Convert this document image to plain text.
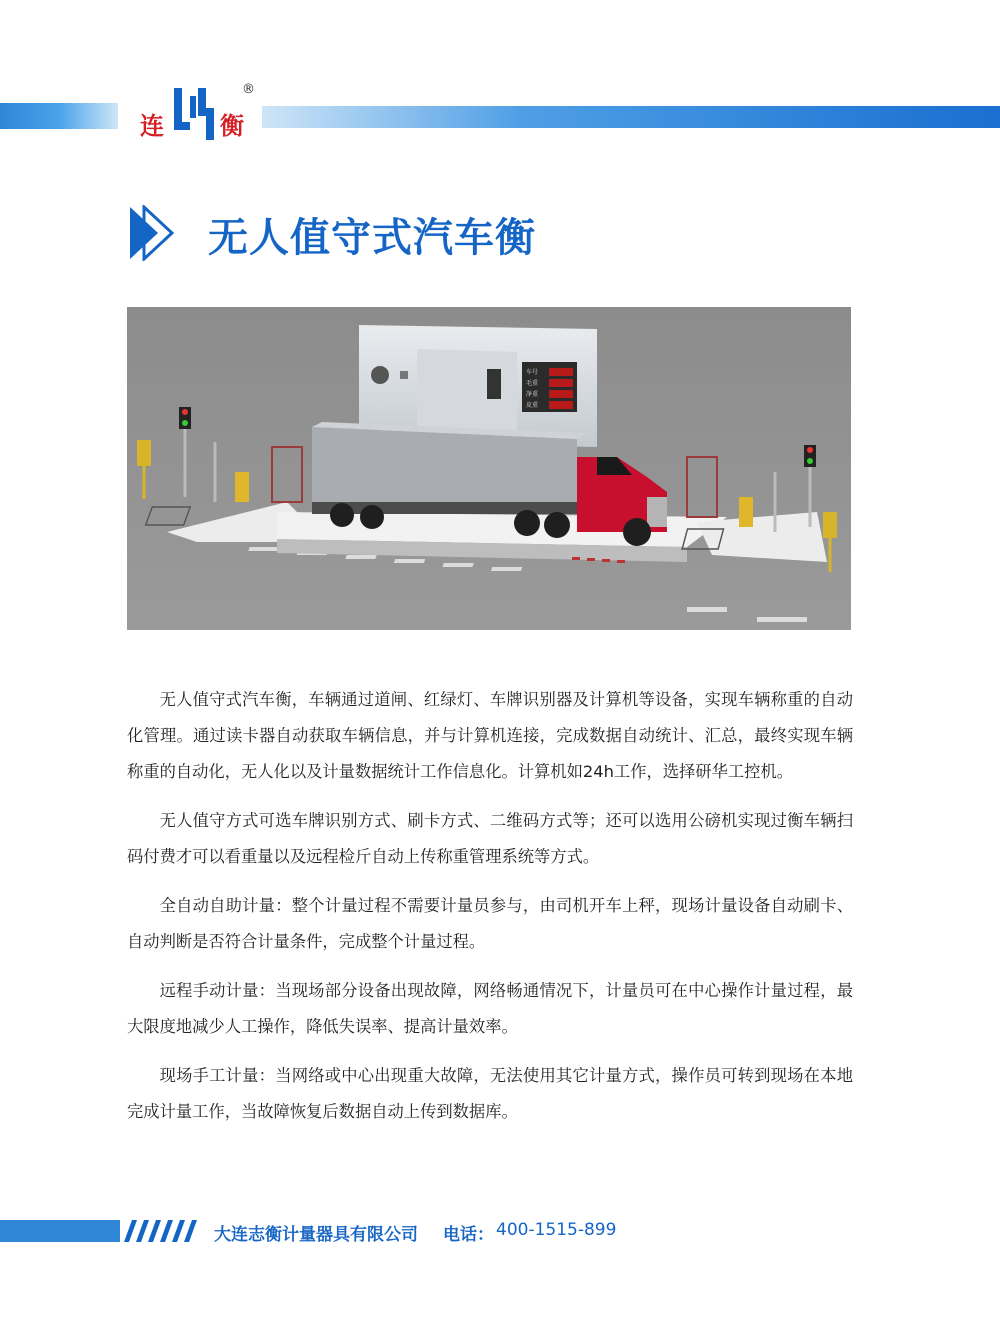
连 衡
®
无人值守式汽车衡
车号
毛重
净重
皮重

无人值守式汽车衡，车辆通过道闸、红绿灯、车牌识别器及计算机等设备，实现车辆称重的自动化管理。通过读卡器自动获取车辆信息，并与计算机连接，完成数据自动统计、汇总，最终实现车辆称重的自动化，无人化以及计量数据统计工作信息化。计算机如24h工作，选择研华工控机。

无人值守方式可选车牌识别方式、刷卡方式、二维码方式等；还可以选用公磅机实现过衡车辆扫码付费才可以看重量以及远程检斤自动上传称重管理系统等方式。

全自动自助计量：整个计量过程不需要计量员参与，由司机开车上秤，现场计量设备自动刷卡、自动判断是否符合计量条件，完成整个计量过程。

远程手动计量：当现场部分设备出现故障，网络畅通情况下，计量员可在中心操作计量过程，最大限度地减少人工操作，降低失误率、提高计量效率。

现场手工计量：当网络或中心出现重大故障，无法使用其它计量方式，操作员可转到现场在本地完成计量工作，当故障恢复后数据自动上传到数据库。

大连志衡计量器具有限公司 电话： 400-1515-899
